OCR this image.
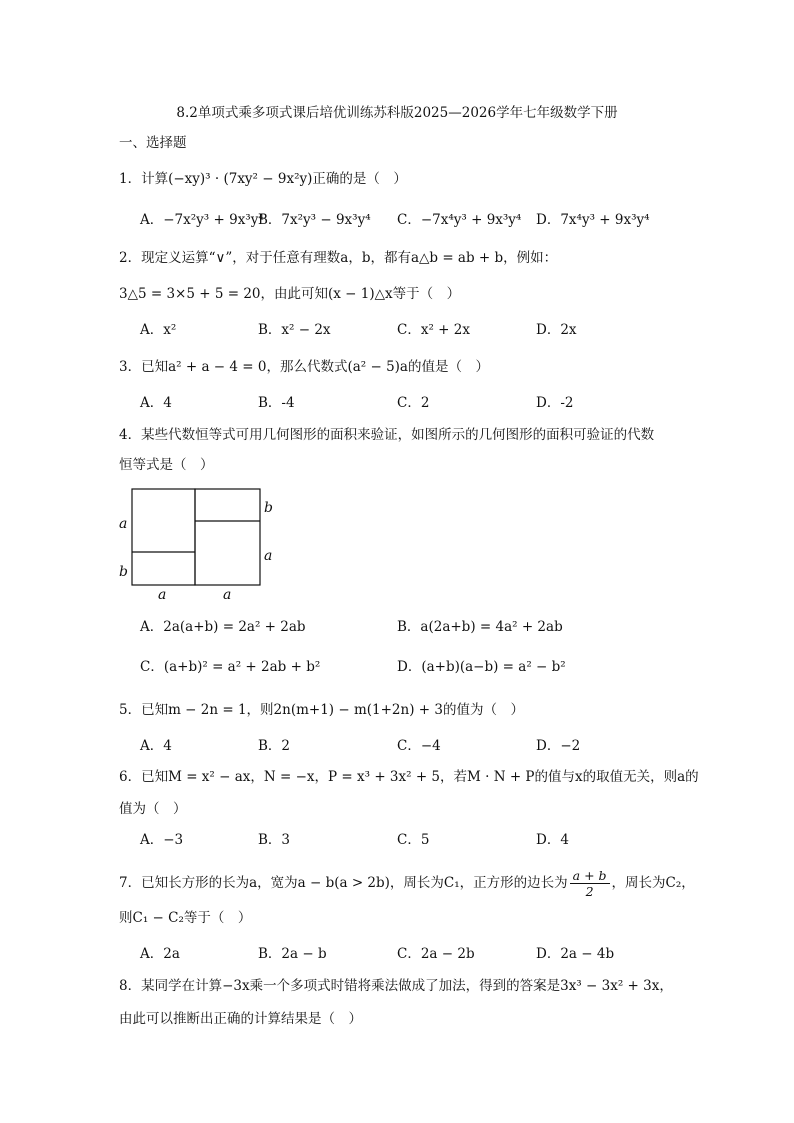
8.2单项式乘多项式课后培优训练苏科版2025—2026学年七年级数学下册
一、选择题
1．计算(−xy)³ · (7xy² − 9x²y)正确的是（　）
A．−7x²y³ + 9x³y⁴
B．7x²y³ − 9x³y⁴ C．−7x⁴y³ + 9x³y⁴ D．7x⁴y³ + 9x³y⁴
2．现定义运算“∨”，对于任意有理数a，b，都有a△b = ab + b，例如：
3△5 = 3×5 + 5 = 20，由此可知(x − 1)△x等于（　）
A．x²	B．x² − 2x	C．x² + 2x	D．2x
3．已知a² + a − 4 = 0，那么代数式(a² − 5)a的值是（　）
A．4	B．-4	C．2	D．-2
4．某些代数恒等式可用几何图形的面积来验证，如图所示的几何图形的面积可验证的代数
恒等式是（　）
a
b
b
a
a	a
A．2a(a+b) = 2a² + 2ab	B．a(2a+b) = 4a² + 2ab
C．(a+b)² = a² + 2ab + b²	D．(a+b)(a−b) = a² − b²
5．已知m − 2n = 1，则2n(m+1) − m(1+2n) + 3的值为（　）
A．4	B．2	C．−4	D．−2
6．已知M = x² − ax，N = −x，P = x³ + 3x² + 5，若M · N + P的值与x的取值无关，则a的
值为（　）
A．−3	B．3	C．5	D．4
7．已知长方形的长为a，宽为a − b(a > 2b)，周长为C₁，正方形的边长为 $\frac{a + b}{2}$ ，周长为C₂，
则C₁ − C₂等于（　）
A．2a	B．2a − b	C．2a − 2b	D．2a − 4b
8．某同学在计算−3x乘一个多项式时错将乘法做成了加法，得到的答案是3x³ − 3x² + 3x，
由此可以推断出正确的计算结果是（　）
